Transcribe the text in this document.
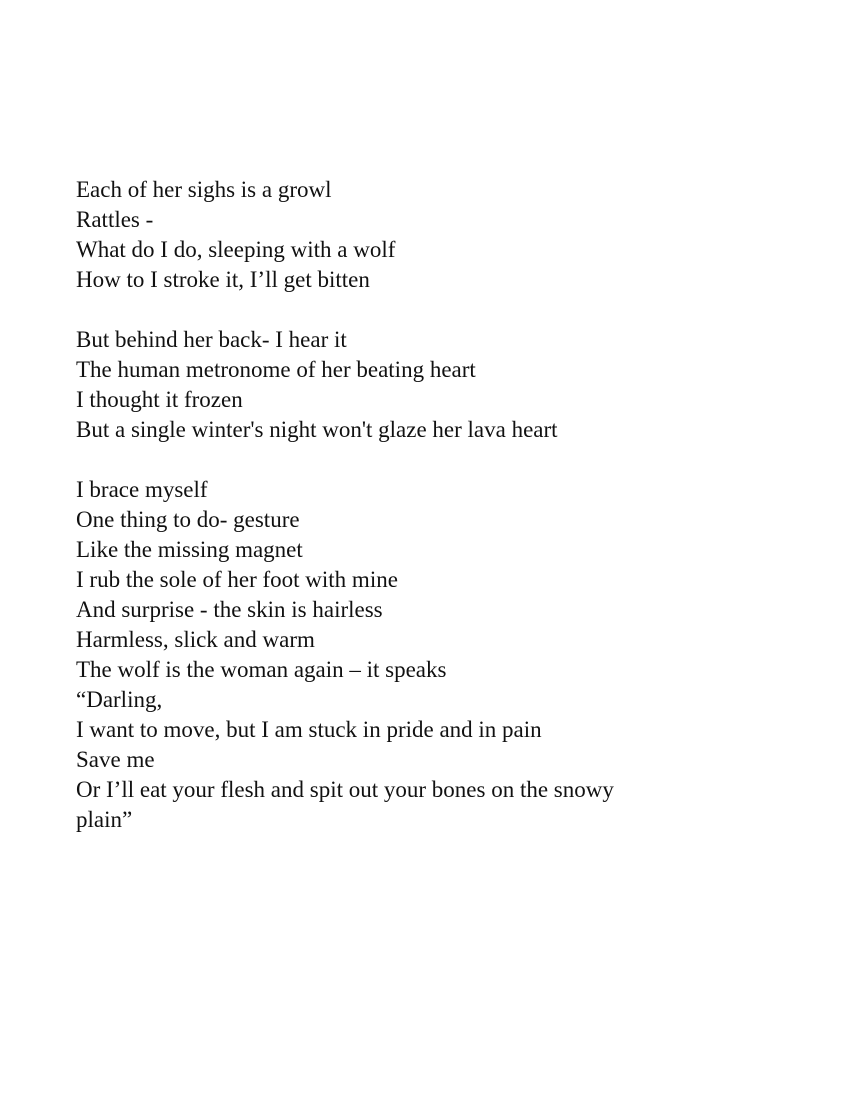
Each of her sighs is a growl
Rattles -
What do I do, sleeping with a wolf
How to I stroke it, I’ll get bitten
But behind her back- I hear it
The human metronome of her beating heart
I thought it frozen
But a single winter's night won't glaze her lava heart
I brace myself
One thing to do- gesture
Like the missing magnet
I rub the sole of her foot with mine
And surprise - the skin is hairless
Harmless, slick and warm
The wolf is the woman again – it speaks
“Darling,
I want to move, but I am stuck in pride and in pain
Save me
Or I’ll eat your flesh and spit out your bones on the snowy
plain”
